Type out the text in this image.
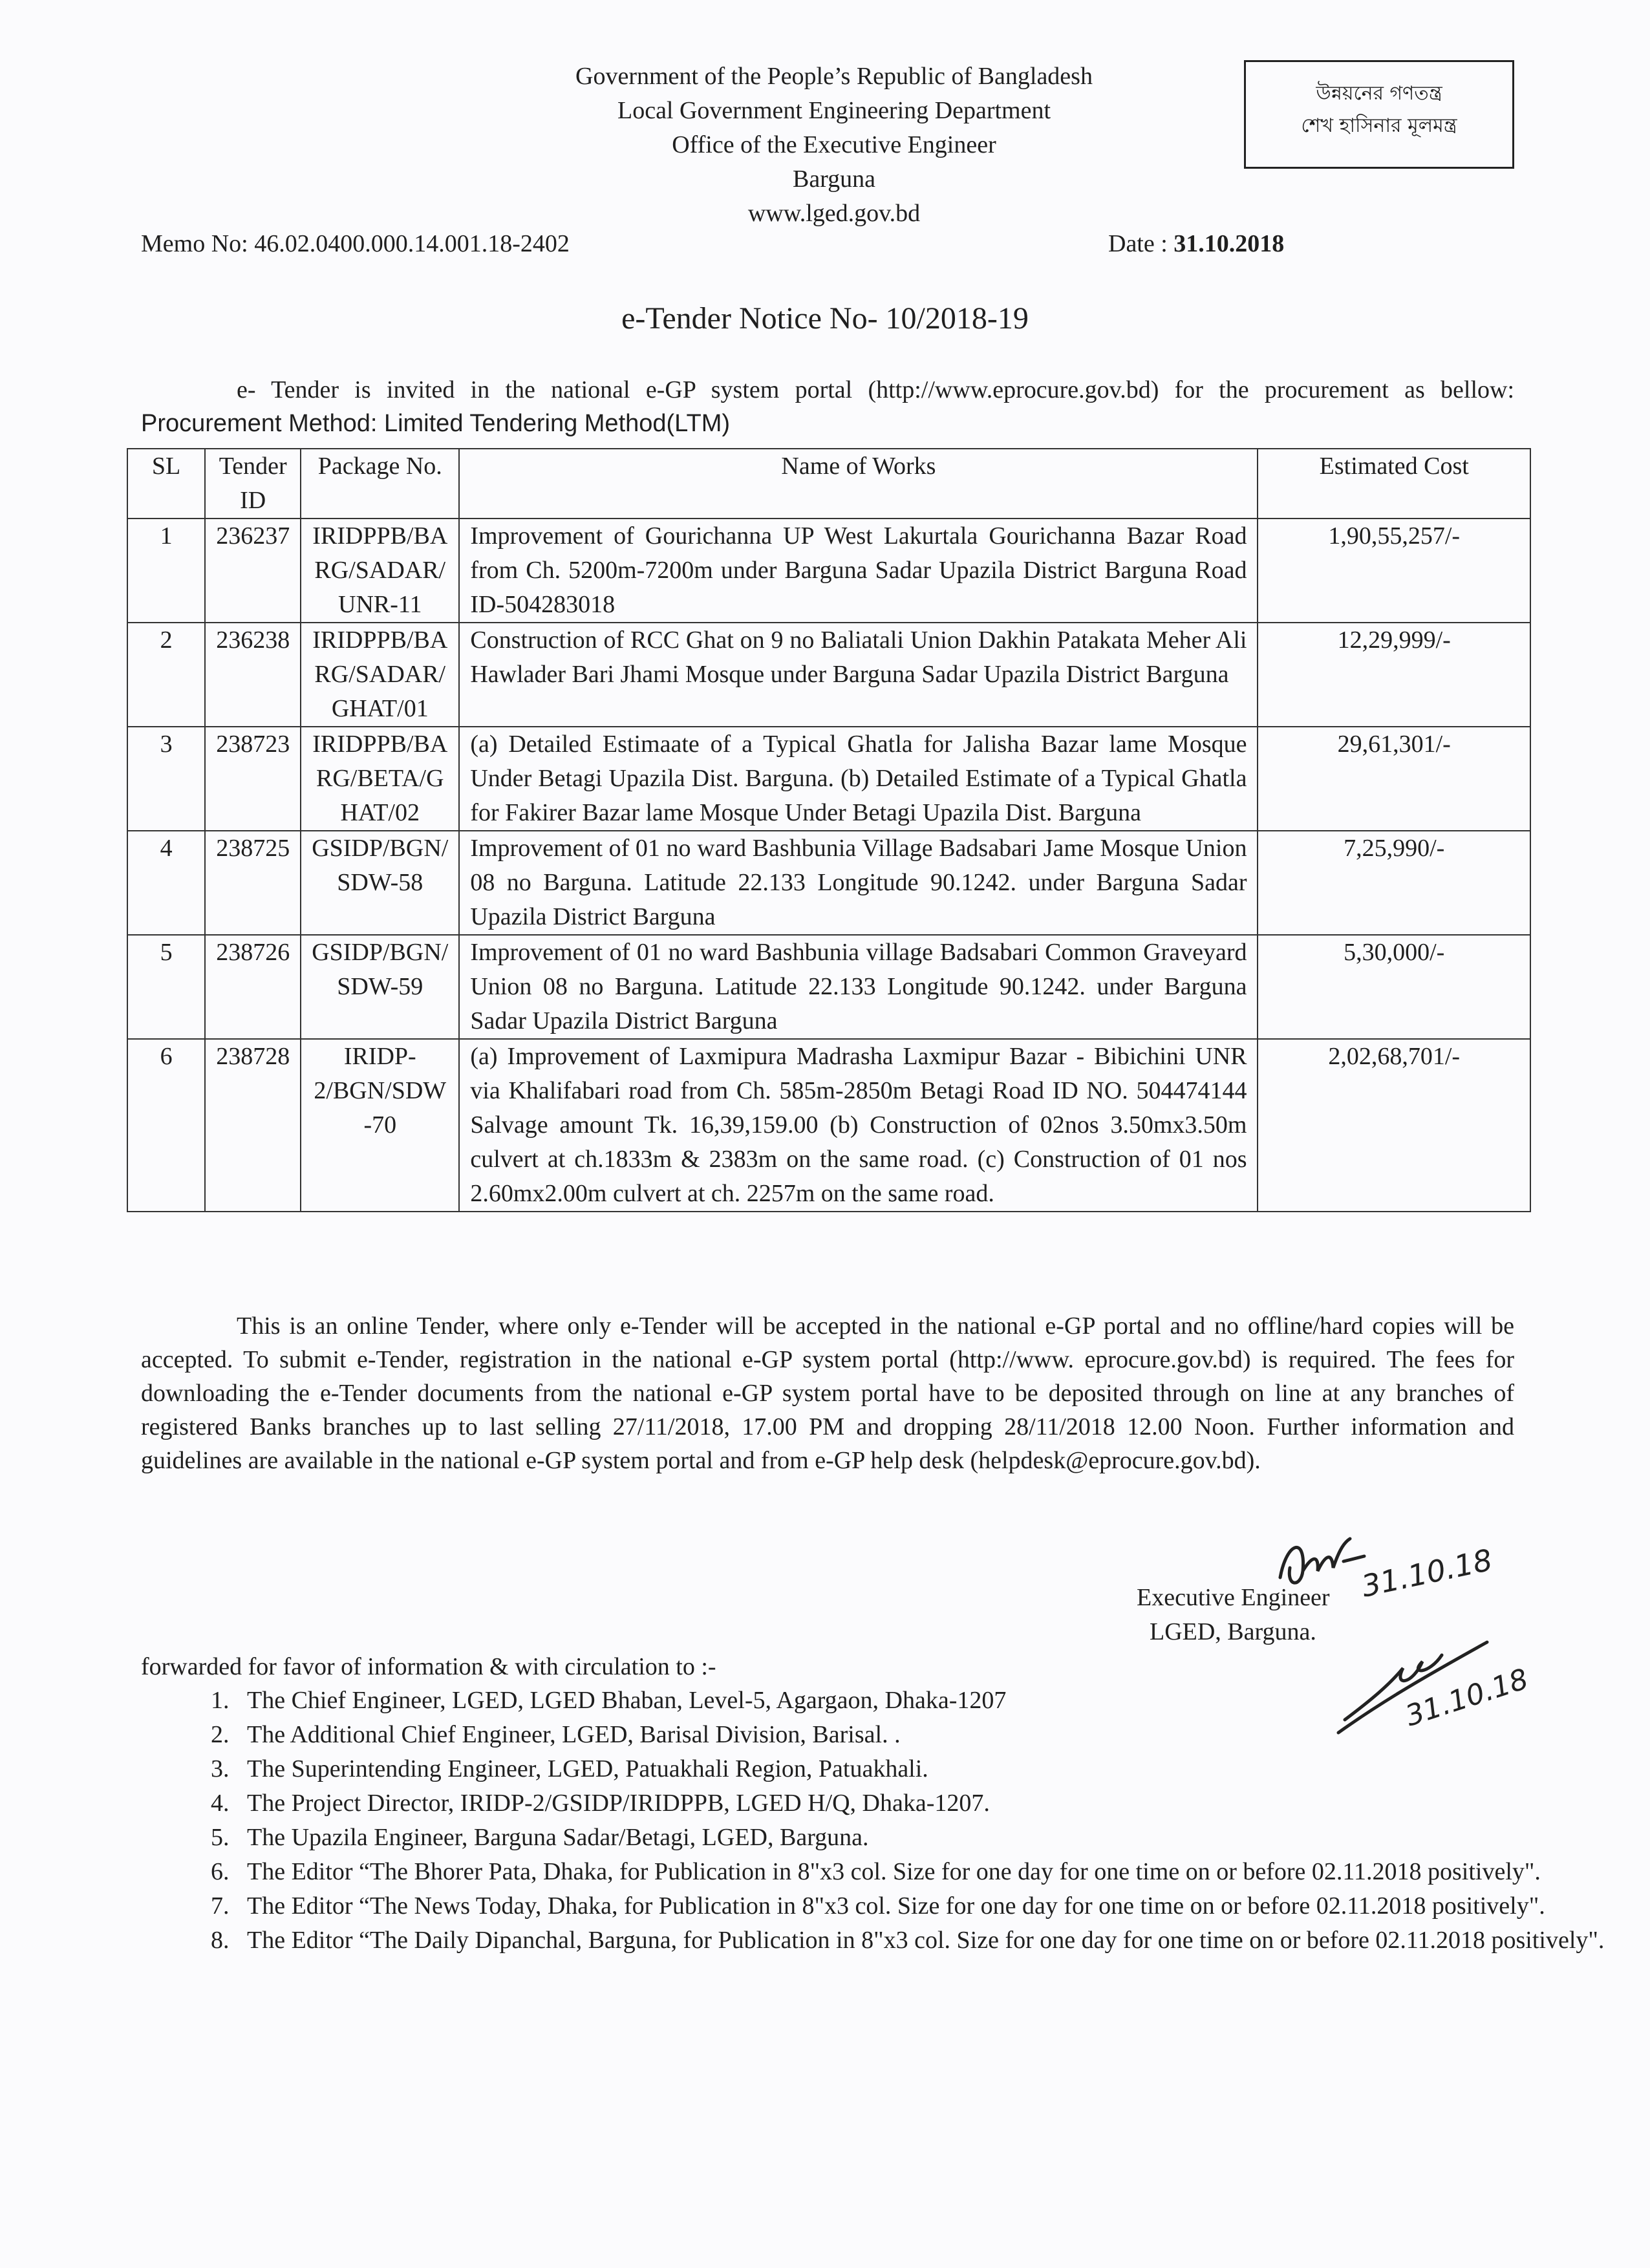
Government of the People’s Republic of Bangladesh
Local Government Engineering Department
Office of the Executive Engineer
Barguna
www.lged.gov.bd
উন্নয়নের গণতন্ত্র
শেখ হাসিনার মূলমন্ত্র
Memo No: 46.02.0400.000.14.001.18-2402	Date : 31.10.2018
e-Tender Notice No- 10/2018-19

e- Tender is invited in the national e-GP system portal (http://www.eprocure.gov.bd) for the procurement as bellow: Procurement Method: Limited Tendering Method(LTM)

SL	Tender ID	Package No.	Name of Works	Estimated Cost
1	236237	IRIDPPB/BA RG/SADAR/ UNR-11	Improvement of Gourichanna UP West Lakurtala Gourichanna Bazar Road from Ch. 5200m-7200m under Barguna Sadar Upazila District Barguna Road ID-504283018	1,90,55,257/-
2	236238	IRIDPPB/BA RG/SADAR/ GHAT/01	Construction of RCC Ghat on 9 no Baliatali Union Dakhin Patakata Meher Ali Hawlader Bari Jhami Mosque under Barguna Sadar Upazila District Barguna	12,29,999/-
3	238723	IRIDPPB/BA RG/BETA/G HAT/02	(a) Detailed Estimaate of a Typical Ghatla for Jalisha Bazar lame Mosque Under Betagi Upazila Dist. Barguna. (b) Detailed Estimate of a Typical Ghatla for Fakirer Bazar lame Mosque Under Betagi Upazila Dist. Barguna	29,61,301/-
4	238725	GSIDP/BGN/ SDW-58	Improvement of 01 no ward Bashbunia Village Badsabari Jame Mosque Union 08 no Barguna. Latitude 22.133 Longitude 90.1242. under Barguna Sadar Upazila District Barguna	7,25,990/-
5	238726	GSIDP/BGN/ SDW-59	Improvement of 01 no ward Bashbunia village Badsabari Common Graveyard Union 08 no Barguna. Latitude 22.133 Longitude 90.1242. under Barguna Sadar Upazila District Barguna	5,30,000/-
6	238728	IRIDP- 2/BGN/SDW -70	(a) Improvement of Laxmipura Madrasha Laxmipur Bazar - Bibichini UNR via Khalifabari road from Ch. 585m-2850m Betagi Road ID NO. 504474144 Salvage amount Tk. 16,39,159.00 (b) Construction of 02nos 3.50mx3.50m culvert at ch.1833m & 2383m on the same road. (c) Construction of 01 nos 2.60mx2.00m culvert at ch. 2257m on the same road.	2,02,68,701/-

This is an online Tender, where only e-Tender will be accepted in the national e-GP portal and no offline/hard copies will be accepted. To submit e-Tender, registration in the national e-GP system portal (http://www. eprocure.gov.bd) is required. The fees for downloading the e-Tender documents from the national e-GP system portal have to be deposited through on line at any branches of registered Banks branches up to last selling 27/11/2018, 17.00 PM and dropping 28/11/2018 12.00 Noon. Further information and guidelines are available in the national e-GP system portal and from e-GP help desk (helpdesk@eprocure.gov.bd).

31.10.18
Executive Engineer
LGED, Barguna.
31.10.18
forwarded for favor of information & with circulation to :-
1. The Chief Engineer, LGED, LGED Bhaban, Level-5, Agargaon, Dhaka-1207
2. The Additional Chief Engineer, LGED, Barisal Division, Barisal. .
3. The Superintending Engineer, LGED, Patuakhali Region, Patuakhali.
4. The Project Director, IRIDP-2/GSIDP/IRIDPPB, LGED H/Q, Dhaka-1207.
5. The Upazila Engineer, Barguna Sadar/Betagi, LGED, Barguna.
6. The Editor “The Bhorer Pata, Dhaka, for Publication in 8"x3 col. Size for one day for one time on or before 02.11.2018 positively".
7. The Editor “The News Today, Dhaka, for Publication in 8"x3 col. Size for one day for one time on or before 02.11.2018 positively".
8. The Editor “The Daily Dipanchal, Barguna, for Publication in 8"x3 col. Size for one day for one time on or before 02.11.2018 positively".
